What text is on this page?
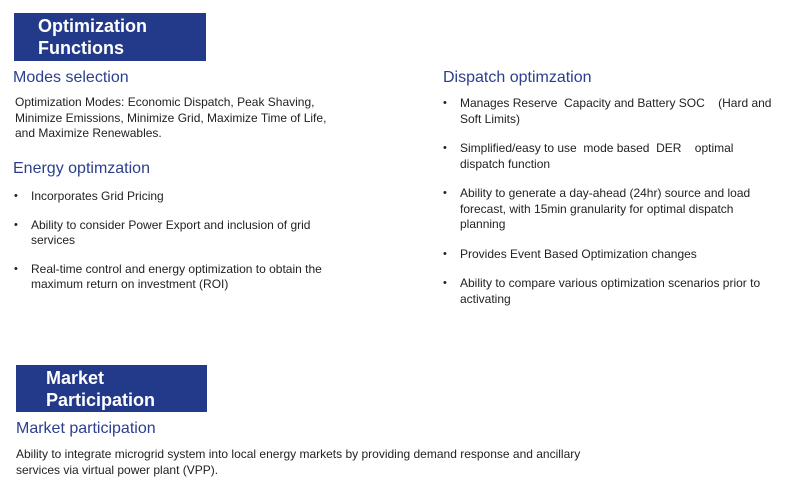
Optimization
Functions
Modes selection
Optimization Modes: Economic Dispatch, Peak Shaving,
Minimize Emissions, Minimize Grid, Maximize Time of Life,
and Maximize Renewables.
Energy optimzation
• Incorporates Grid Pricing
• Ability to consider Power Export and inclusion of grid
services
• Real-time control and energy optimization to obtain the
maximum return on investment (ROI)
Dispatch optimzation
• Manages Reserve  Capacity and Battery SOC    (Hard and
Soft Limits)
• Simplified/easy to use  mode based  DER    optimal
dispatch function
• Ability to generate a day-ahead (24hr) source and load
forecast, with 15min granularity for optimal dispatch
planning
• Provides Event Based Optimization changes
• Ability to compare various optimization scenarios prior to
activating
Market
Participation
Market participation
Ability to integrate microgrid system into local energy markets by providing demand response and ancillary
services via virtual power plant (VPP).
